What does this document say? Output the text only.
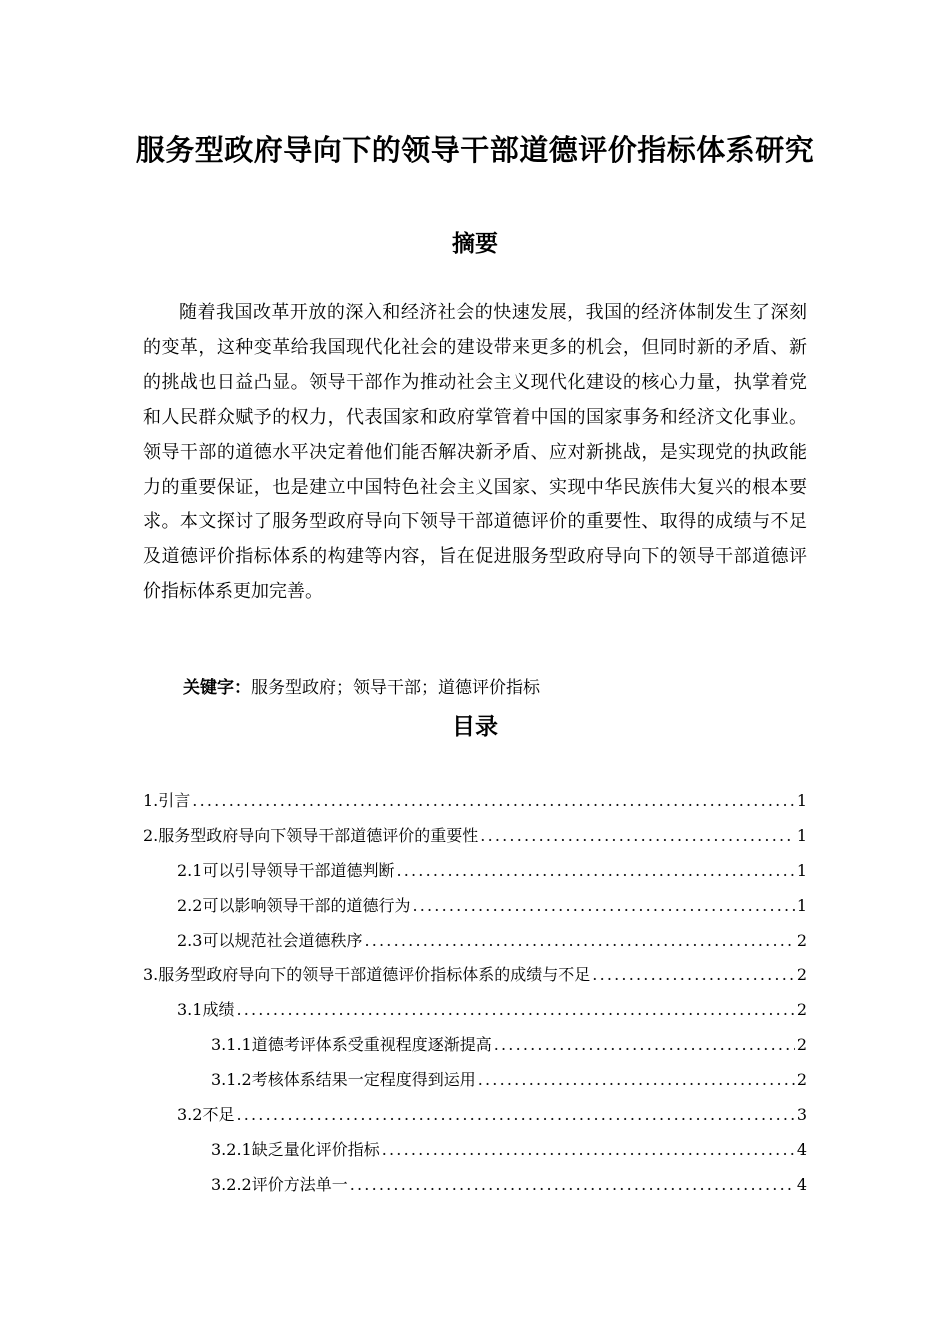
服务型政府导向下的领导干部道德评价指标体系研究
摘要

随着我国改革开放的深入和经济社会的快速发展，我国的经济体制发生了深刻的变革，这种变革给我国现代化社会的建设带来更多的机会，但同时新的矛盾、新的挑战也日益凸显。领导干部作为推动社会主义现代化建设的核心力量，执掌着党和人民群众赋予的权力，代表国家和政府掌管着中国的国家事务和经济文化事业。领导干部的道德水平决定着他们能否解决新矛盾、应对新挑战，是实现党的执政能力的重要保证，也是建立中国特色社会主义国家、实现中华民族伟大复兴的根本要求。本文探讨了服务型政府导向下领导干部道德评价的重要性、取得的成绩与不足及道德评价指标体系的构建等内容，旨在促进服务型政府导向下的领导干部道德评价指标体系更加完善。

关键字：服务型政府；领导干部；道德评价指标
目录
1.引言 .....	1
2.服务型政府导向下领导干部道德评价的重要性 .....	1
2.1可以引导领导干部道德判断 .....	1
2.2可以影响领导干部的道德行为 .....	1
2.3可以规范社会道德秩序 .....	2
3.服务型政府导向下的领导干部道德评价指标体系的成绩与不足 .....	2
3.1成绩 .....	2
3.1.1道德考评体系受重视程度逐渐提高 .....	2
3.1.2考核体系结果一定程度得到运用 .....	2
3.2不足 .....	3
3.2.1缺乏量化评价指标 .....	4
3.2.2评价方法单一 .....	4
